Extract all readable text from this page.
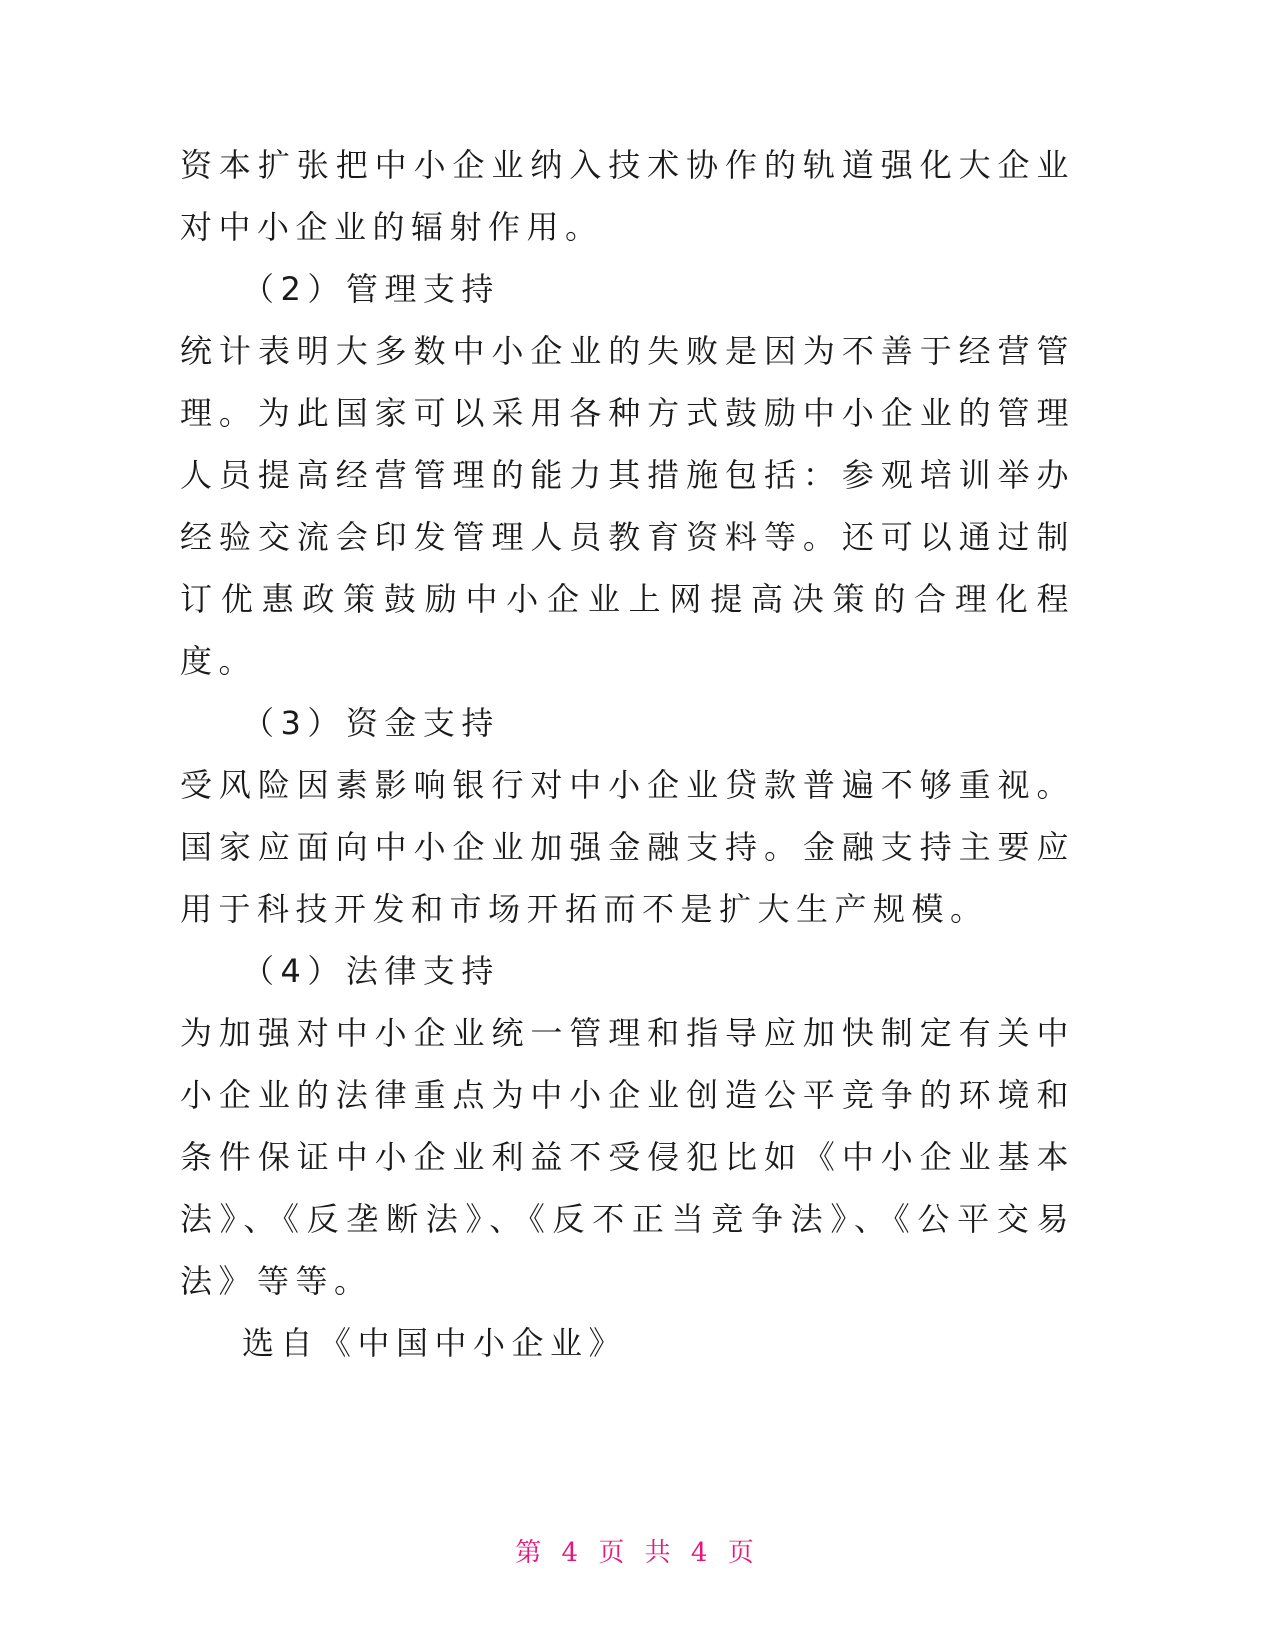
资本扩张把中小企业纳入技术协作的轨道强化大企业对中小企业的辐射作用。

（2）管理支持

统计表明大多数中小企业的失败是因为不善于经营管理。为此国家可以采用各种方式鼓励中小企业的管理人员提高经营管理的能力其措施包括：参观培训举办经验交流会印发管理人员教育资料等。还可以通过制订优惠政策鼓励中小企业上网提高决策的合理化程度。

（3）资金支持

受风险因素影响银行对中小企业贷款普遍不够重视。国家应面向中小企业加强金融支持。金融支持主要应用于科技开发和市场开拓而不是扩大生产规模。

（4）法律支持

为加强对中小企业统一管理和指导应加快制定有关中小企业的法律重点为中小企业创造公平竞争的环境和条件保证中小企业利益不受侵犯比如《中小企业基本法》、《反垄断法》、《反不正当竞争法》、《公平交易法》等等。

选自《中国中小企业》

第 4 页 共 4 页
